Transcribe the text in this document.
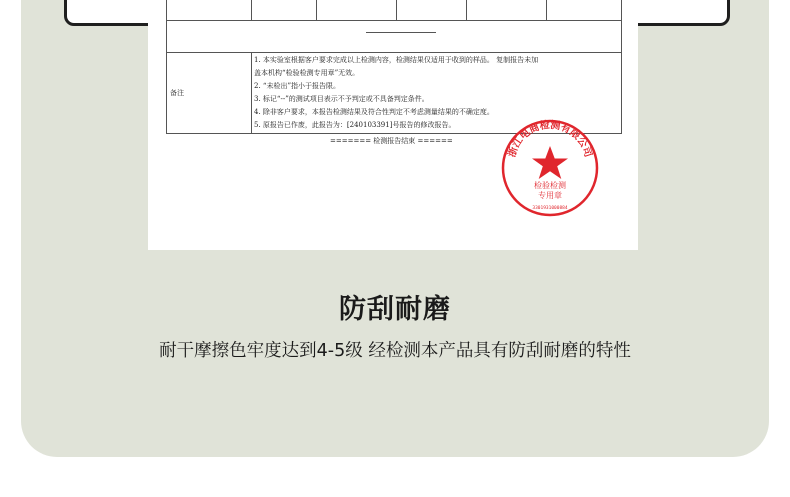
备注
1. 本实验室根据客户要求完成以上检测内容，检测结果仅适用于收到的样品。 复制报告未加
盖本机构“检验检测专用章”无效。
2. “未检出”指小于报告限。
3. 标记“--”的测试项目表示不予判定或不具备判定条件。
4. 除非客户要求，本报告检测结果及符合性判定不考虑测量结果的不确定度。
5. 原报告已作废，此报告为：[240103391]号报告的修改报告。
======= 检测报告结束 ======
浙江电商检测有限公司
检验检测
专用章
3301931000884
防刮耐磨
耐干摩擦色牢度达到4-5级 经检测本产品具有防刮耐磨的特性
